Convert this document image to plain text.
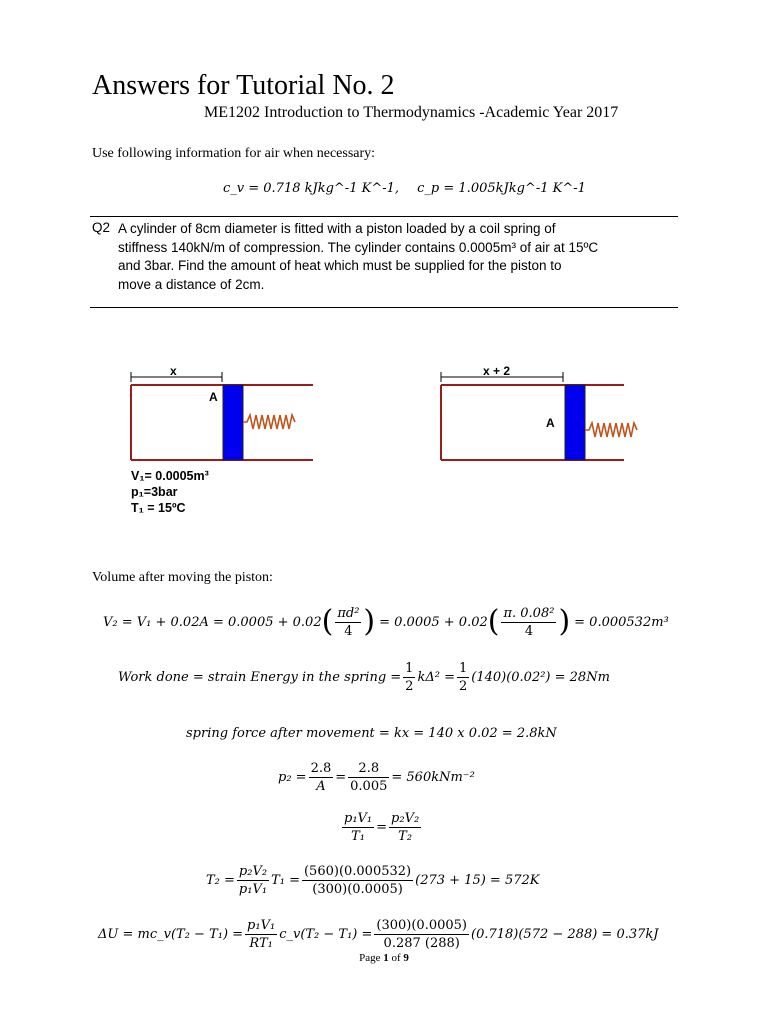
Answers for Tutorial No. 2
ME1202 Introduction to Thermodynamics -Academic Year 2017
Use following information for air when necessary:
c_v = 0.718 kJkg^-1 K^-1, c_p = 1.005kJkg^-1 K^-1
Q2 A cylinder of 8cm diameter is fitted with a piston loaded by a coil spring of
stiffness 140kN/m of compression. The cylinder contains 0.0005m³ of air at 15ºC
and 3bar. Find the amount of heat which must be supplied for the piston to
move a distance of 2cm.
x
A
x + 2
A
V₁= 0.0005m³
p₁=3bar
T₁ = 15ºC
Volume after moving the piston:
V₂ = V₁ + 0.02A = 0.0005 + 0.02 ( $\frac{\text{πd²}}{4}$ ) = 0.0005 + 0.02 ( $\frac{\text{π. 0.08²}}{4}$ ) = 0.000532m³
Work done = strain Energy in the spring = $\frac{1}{2} k\Delta^2 = \frac{1}{2} (140)(0.02^2) = 28Nm$
spring force after movement = kx = 140 x 0.02 = 2.8kN
$p_2 = \frac{2.8}{A} = \frac{2.8}{0.005} = 560kNm^{-2}$
$\frac{\text{p₁V₁}}{\text{T₁}} = \frac{\text{p₂V₂}}{\text{T₂}}$
$T_2 = \frac{\text{p₂V₂}}{\text{p₁V₁}} T_1 = \frac{(560)(0.000532)}{(300)(0.0005)} (273 + 15) = 572K$
ΔU = mc_v(T₂ − $T_1) = \frac{\text{p₁V₁}}{\text{RT₁}}$ c_v(T₂ − $T_1) = \frac{(300)(0.0005)}{0.287 (288)} (0.718)(572 - 288) = 0.37kJ$
Page 1 of 9
